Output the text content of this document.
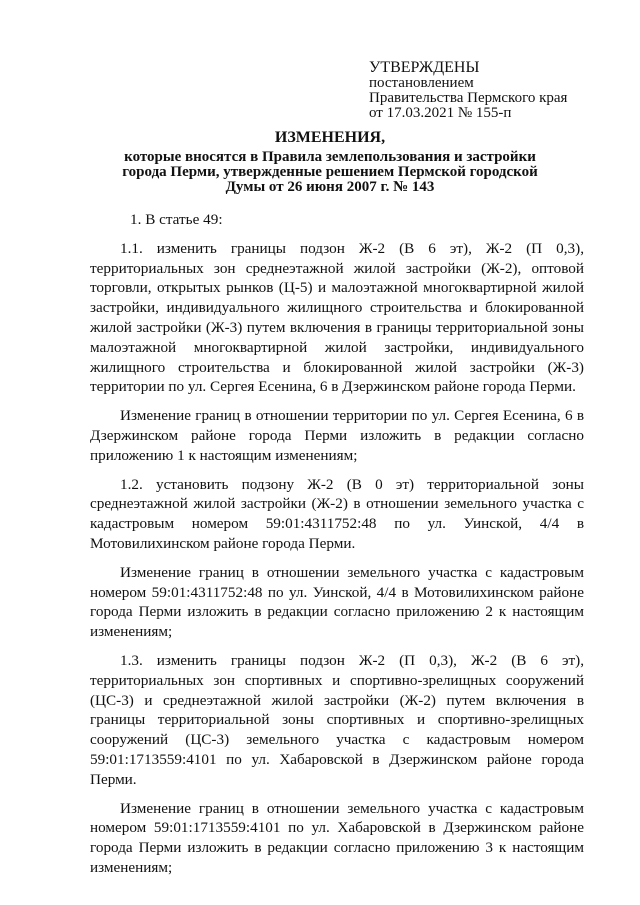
УТВЕРЖДЕНЫ
постановлением
Правительства Пермского края
от 17.03.2021 № 155-п
ИЗМЕНЕНИЯ,
которые вносятся в Правила землепользования и застройки города Перми, утвержденные решением Пермской городской Думы от 26 июня 2007 г. № 143

1. В статье 49:

1.1. изменить границы подзон Ж-2 (В 6 эт), Ж-2 (П 0,3), территориальных зон среднеэтажной жилой застройки (Ж-2), оптовой торговли, открытых рынков (Ц-5) и малоэтажной многоквартирной жилой застройки, индивидуального жилищного строительства и блокированной жилой застройки (Ж-3) путем включения в границы территориальной зоны малоэтажной многоквартирной жилой застройки, индивидуального жилищного строительства и блокированной жилой застройки (Ж-3) территории по ул. Сергея Есенина, 6 в Дзержинском районе города Перми.

Изменение границ в отношении территории по ул. Сергея Есенина, 6 в Дзержинском районе города Перми изложить в редакции согласно приложению 1 к настоящим изменениям;

1.2. установить подзону Ж-2 (В 0 эт) территориальной зоны среднеэтажной жилой застройки (Ж-2) в отношении земельного участка с кадастровым номером 59:01:4311752:48 по ул. Уинской, 4/4 в Мотовилихинском районе города Перми.

Изменение границ в отношении земельного участка с кадастровым номером 59:01:4311752:48 по ул. Уинской, 4/4 в Мотовилихинском районе города Перми изложить в редакции согласно приложению 2 к настоящим изменениям;

1.3. изменить границы подзон Ж-2 (П 0,3), Ж-2 (В 6 эт), территориальных зон спортивных и спортивно-зрелищных сооружений (ЦС-3) и среднеэтажной жилой застройки (Ж-2) путем включения в границы территориальной зоны спортивных и спортивно-зрелищных сооружений (ЦС-3) земельного участка с кадастровым номером 59:01:1713559:4101 по ул. Хабаровской в Дзержинском районе города Перми.

Изменение границ в отношении земельного участка с кадастровым номером 59:01:1713559:4101 по ул. Хабаровской в Дзержинском районе города Перми изложить в редакции согласно приложению 3 к настоящим изменениям;
